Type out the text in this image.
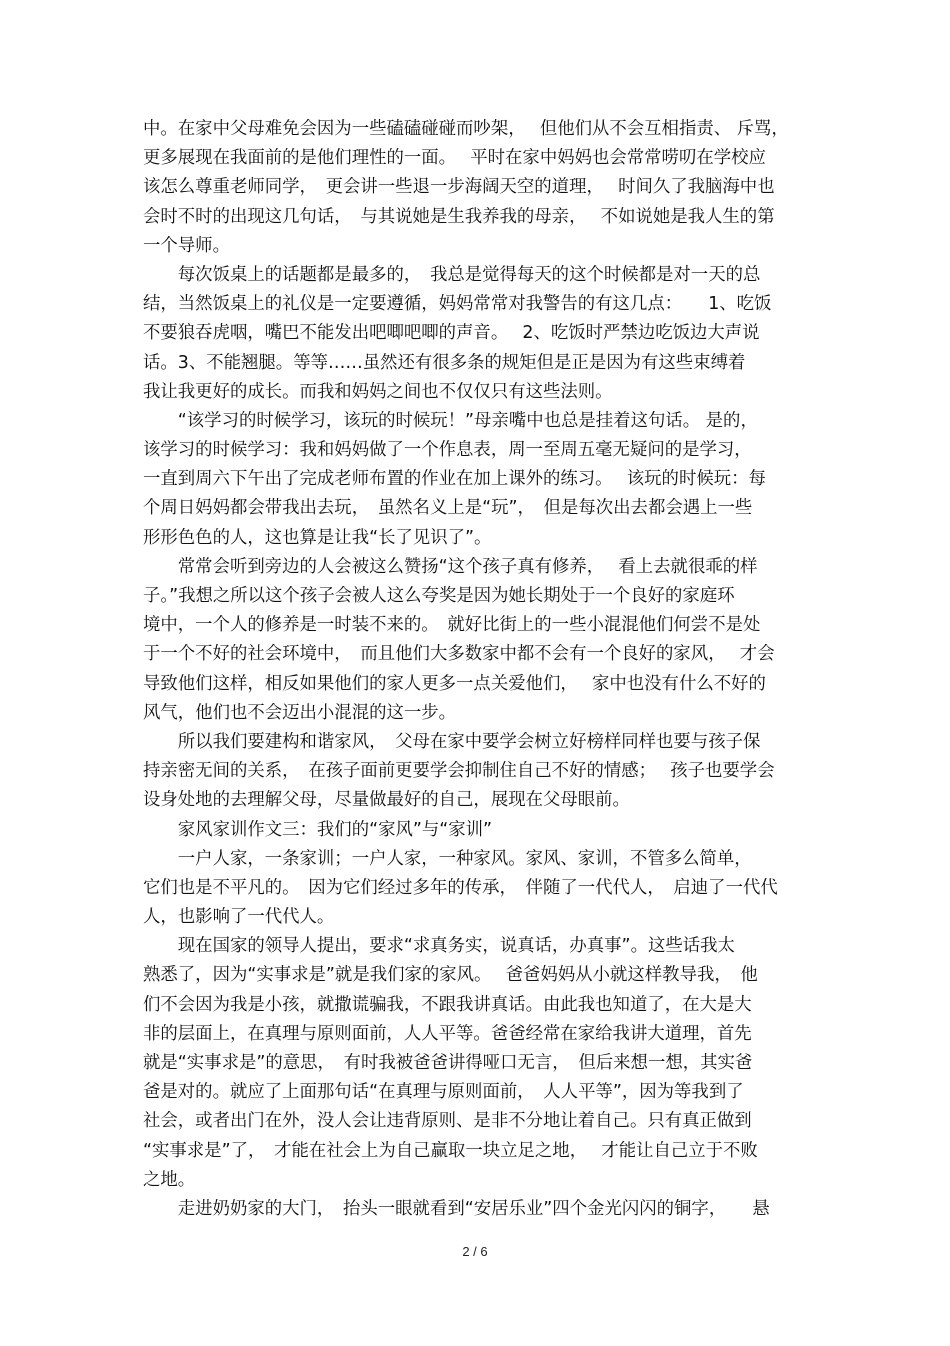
中。在家中父母难免会因为一些磕磕碰碰而吵架，　 但他们从不会互相指责、 斥骂，
更多展现在我面前的是他们理性的一面。　 平时在家中妈妈也会常常唠叨在学校应
该怎么尊重老师同学，　更会讲一些退一步海阔天空的道理，　 时间久了我脑海中也
会时不时的出现这几句话，　与其说她是生我养我的母亲，　 不如说她是我人生的第
一个导师。
　　每次饭桌上的话题都是最多的，　我总是觉得每天的这个时候都是对一天的总
结，当然饭桌上的礼仪是一定要遵循，妈妈常常对我警告的有这几点：　　1、吃饭
不要狼吞虎咽，嘴巴不能发出吧唧吧唧的声音。　 2、吃饭时严禁边吃饭边大声说
话。3、不能翘腿。等等……虽然还有很多条的规矩但是正是因为有这些束缚着
我让我更好的成长。而我和妈妈之间也不仅仅只有这些法则。
　　“该学习的时候学习，该玩的时候玩！”母亲嘴中也总是挂着这句话。 是的，
该学习的时候学习：我和妈妈做了一个作息表，周一至周五毫无疑问的是学习，
一直到周六下午出了完成老师布置的作业在加上课外的练习。　 该玩的时候玩：每
个周日妈妈都会带我出去玩，　虽然名义上是“玩”，　但是每次出去都会遇上一些
形形色色的人，这也算是让我“长了见识了”。
　　常常会听到旁边的人会被这么赞扬“这个孩子真有修养，　 看上去就很乖的样
子。”我想之所以这个孩子会被人这么夸奖是因为她长期处于一个良好的家庭环
境中，一个人的修养是一时装不来的。　就好比街上的一些小混混他们何尝不是处
于一个不好的社会环境中，　而且他们大多数家中都不会有一个良好的家风，　 才会
导致他们这样，相反如果他们的家人更多一点关爱他们，　 家中也没有什么不好的
风气，他们也不会迈出小混混的这一步。
　　所以我们要建构和谐家风，　父母在家中要学会树立好榜样同样也要与孩子保
持亲密无间的关系，　在孩子面前更要学会抑制住自己不好的情感；　 孩子也要学会
设身处地的去理解父母，尽量做最好的自己，展现在父母眼前。
　　家风家训作文三：我们的“家风”与“家训”
　　一户人家，一条家训；一户人家，一种家风。家风、家训，不管多么简单，
它们也是不平凡的。　因为它们经过多年的传承，　伴随了一代代人，　启迪了一代代
人，也影响了一代代人。
　　现在国家的领导人提出，要求“求真务实，说真话，办真事”。这些话我太
熟悉了，因为“实事求是”就是我们家的家风。　 爸爸妈妈从小就这样教导我，　他
们不会因为我是小孩，就撒谎骗我，不跟我讲真话。由此我也知道了，在大是大
非的层面上，在真理与原则面前，人人平等。爸爸经常在家给我讲大道理，首先
就是“实事求是”的意思，　有时我被爸爸讲得哑口无言，　但后来想一想，其实爸
爸是对的。就应了上面那句话“在真理与原则面前，　人人平等”，因为等我到了
社会，或者出门在外，没人会让违背原则、是非不分地让着自己。只有真正做到
“实事求是”了，　才能在社会上为自己赢取一块立足之地，　 才能让自己立于不败
之地。
　　走进奶奶家的大门，　抬头一眼就看到“安居乐业”四个金光闪闪的铜字，　　悬
2 / 6
